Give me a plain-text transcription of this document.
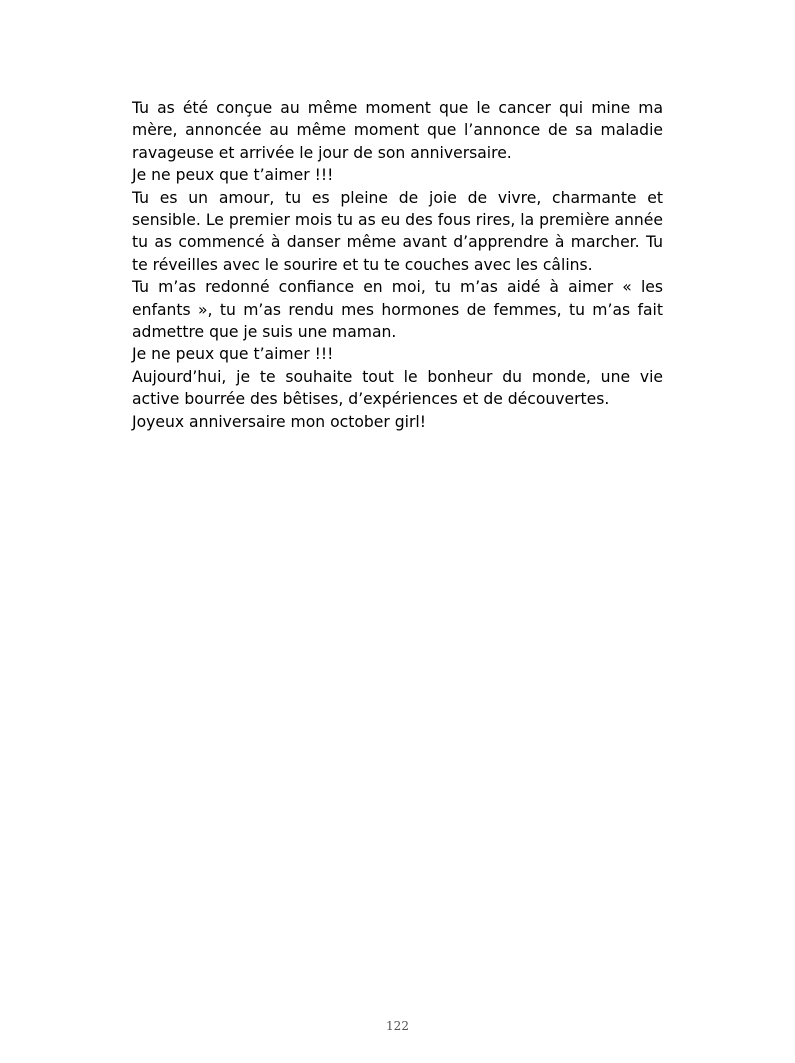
Tu as été conçue au même moment que le cancer qui mine ma mère, annoncée au même moment que l’annonce de sa maladie ravageuse et arrivée le jour de son anniversaire.

Je ne peux que t’aimer !!!

Tu es un amour, tu es pleine de joie de vivre, charmante et sensible. Le premier mois tu as eu des fous rires, la première année tu as commencé à danser même avant d’apprendre à marcher. Tu te réveilles avec le sourire et tu te couches avec les câlins.

Tu m’as redonné confiance en moi, tu m’as aidé à aimer « les enfants », tu m’as rendu mes hormones de femmes, tu m’as fait admettre que je suis une maman.

Je ne peux que t’aimer !!!

Aujourd’hui, je te souhaite tout le bonheur du monde, une vie active bourrée des bêtises, d’expériences et de découvertes.

Joyeux anniversaire mon october girl!

122
